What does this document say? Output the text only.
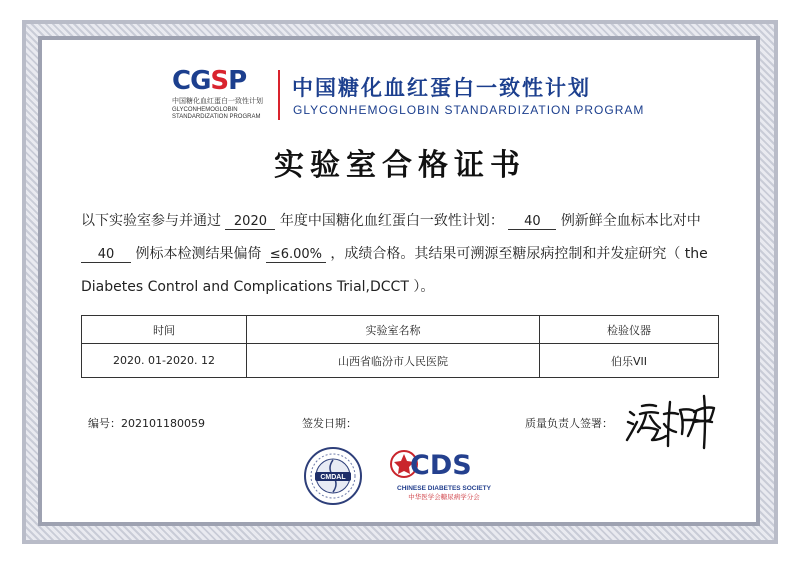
CGSP
中国糖化血红蛋白一致性计划
GLYCONHEMOGLOBIN
STANDARDIZATION PROGRAM
中国糖化血红蛋白一致性计划
GLYCONHEMOGLOBIN STANDARDIZATION PROGRAM
实验室合格证书
以下实验室参与并通过 2020 年度中国糖化血红蛋白一致性计划： 40 例新鲜全血标本比对中
40 例标本检测结果偏倚 ≤6.00% ，成绩合格。其结果可溯源至糖尿病控制和并发症研究（ the
Diabetes Control and Complications Trial,DCCT ）。
时间	实验室名称	检验仪器
2020. 01-2020. 12	山西省临汾市人民医院	伯乐VII
编号：202101180059	签发日期：	质量负责人签署：
CMDAL CDS
CHINESE DIABETES SOCIETY
中华医学会糖尿病学分会
